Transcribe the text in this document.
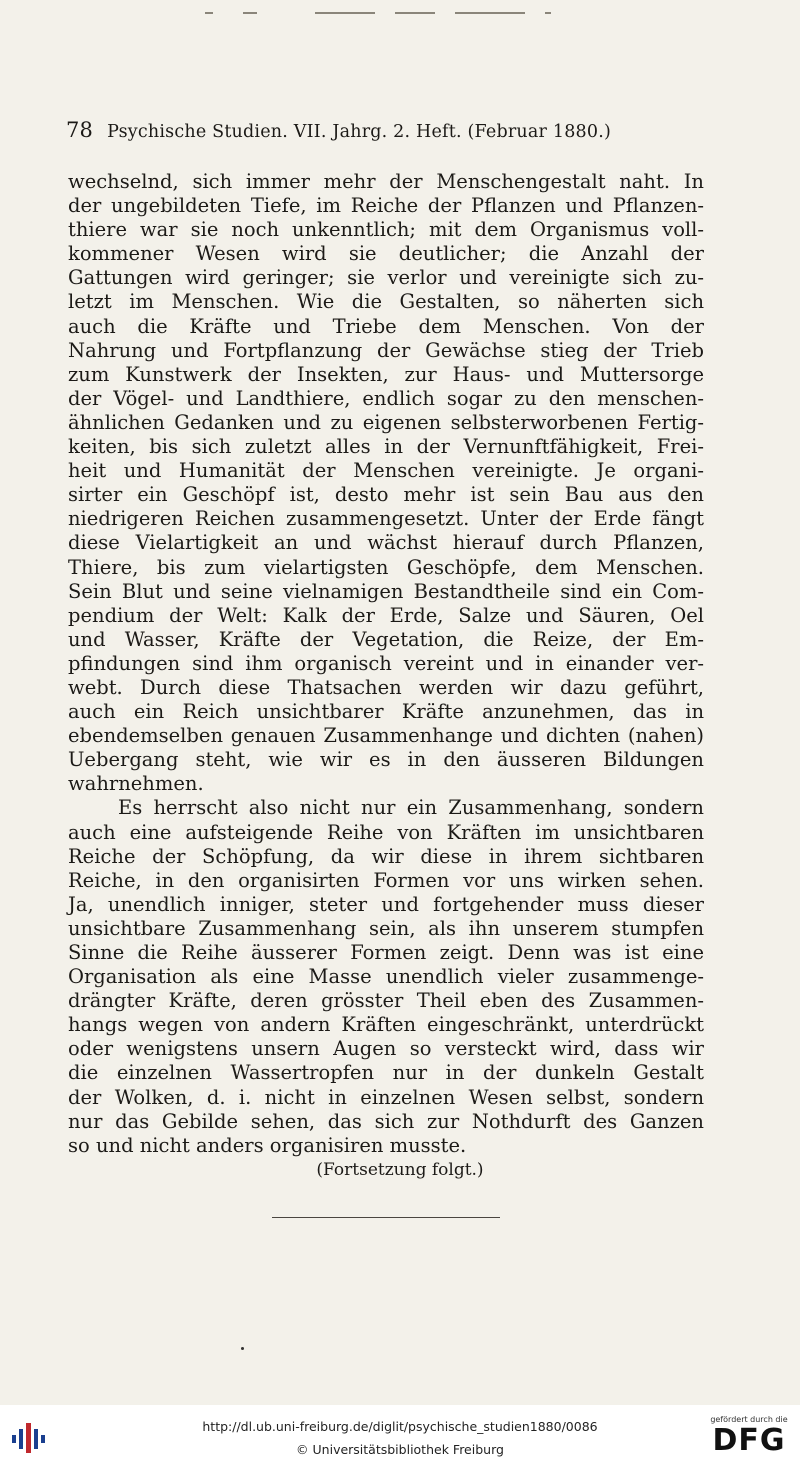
78 Psychische Studien. VII. Jahrg. 2. Heft. (Februar 1880.)
wechselnd, sich immer mehr der Menschengestalt naht. In
der ungebildeten Tiefe, im Reiche der Pflanzen und Pflanzen-
thiere war sie noch unkenntlich; mit dem Organismus voll-
kommener Wesen wird sie deutlicher; die Anzahl der
Gattungen wird geringer; sie verlor und vereinigte sich zu-
letzt im Menschen. Wie die Gestalten, so näherten sich
auch die Kräfte und Triebe dem Menschen. Von der
Nahrung und Fortpflanzung der Gewächse stieg der Trieb
zum Kunstwerk der Insekten, zur Haus- und Muttersorge
der Vögel- und Landthiere, endlich sogar zu den menschen-
ähnlichen Gedanken und zu eigenen selbsterworbenen Fertig-
keiten, bis sich zuletzt alles in der Vernunftfähigkeit, Frei-
heit und Humanität der Menschen vereinigte. Je organi-
sirter ein Geschöpf ist, desto mehr ist sein Bau aus den
niedrigeren Reichen zusammengesetzt. Unter der Erde fängt
diese Vielartigkeit an und wächst hierauf durch Pflanzen,
Thiere, bis zum vielartigsten Geschöpfe, dem Menschen.
Sein Blut und seine vielnamigen Bestandtheile sind ein Com-
pendium der Welt: Kalk der Erde, Salze und Säuren, Oel
und Wasser, Kräfte der Vegetation, die Reize, der Em-
pfindungen sind ihm organisch vereint und in einander ver-
webt. Durch diese Thatsachen werden wir dazu geführt,
auch ein Reich unsichtbarer Kräfte anzunehmen, das in
ebendemselben genauen Zusammenhange und dichten (nahen)
Uebergang steht, wie wir es in den äusseren Bildungen
wahrnehmen.
Es herrscht also nicht nur ein Zusammenhang, sondern
auch eine aufsteigende Reihe von Kräften im unsichtbaren
Reiche der Schöpfung, da wir diese in ihrem sichtbaren
Reiche, in den organisirten Formen vor uns wirken sehen.
Ja, unendlich inniger, steter und fortgehender muss dieser
unsichtbare Zusammenhang sein, als ihn unserem stumpfen
Sinne die Reihe äusserer Formen zeigt. Denn was ist eine
Organisation als eine Masse unendlich vieler zusammenge-
drängter Kräfte, deren grösster Theil eben des Zusammen-
hangs wegen von andern Kräften eingeschränkt, unterdrückt
oder wenigstens unsern Augen so versteckt wird, dass wir
die einzelnen Wassertropfen nur in der dunkeln Gestalt
der Wolken, d. i. nicht in einzelnen Wesen selbst, sondern
nur das Gebilde sehen, das sich zur Nothdurft des Ganzen
so und nicht anders organisiren musste.
(Fortsetzung folgt.)
http://dl.ub.uni-freiburg.de/diglit/psychische_studien1880/0086
© Universitätsbibliothek Freiburg
gefördert durch die
DFG
